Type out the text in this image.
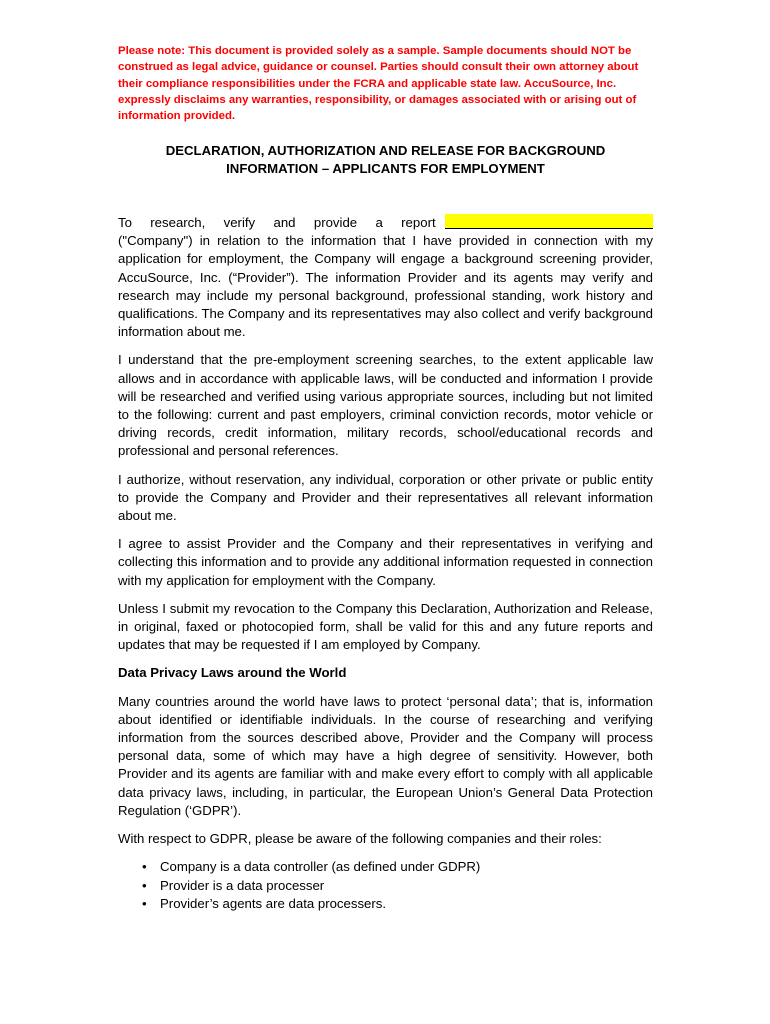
Please note: This document is provided solely as a sample. Sample documents should NOT be construed as legal advice, guidance or counsel. Parties should consult their own attorney about their compliance responsibilities under the FCRA and applicable state law. AccuSource, Inc. expressly disclaims any warranties, responsibility, or damages associated with or arising out of information provided.
DECLARATION, AUTHORIZATION AND RELEASE FOR BACKGROUND
INFORMATION – APPLICANTS FOR EMPLOYMENT

To research, verify and provide a report  ("Company") in relation to the information that I have provided in connection with my application for employment, the Company will engage a background screening provider, AccuSource, Inc. (“Provider”). The information Provider and its agents may verify and research may include my personal background, professional standing, work history and qualifications. The Company and its representatives may also collect and verify background information about me.

I understand that the pre-employment screening searches, to the extent applicable law allows and in accordance with applicable laws, will be conducted and information I provide will be researched and verified using various appropriate sources, including but not limited to the following: current and past employers, criminal conviction records, motor vehicle or driving records, credit information, military records, school/educational records and professional and personal references.

I authorize, without reservation, any individual, corporation or other private or public entity to provide the Company and Provider and their representatives all relevant information about me.

I agree to assist Provider and the Company and their representatives in verifying and collecting this information and to provide any additional information requested in connection with my application for employment with the Company.

Unless I submit my revocation to the Company this Declaration, Authorization and Release, in original, faxed or photocopied form, shall be valid for this and any future reports and updates that may be requested if I am employed by Company.

Data Privacy Laws around the World

Many countries around the world have laws to protect ‘personal data’; that is, information about identified or identifiable individuals. In the course of researching and verifying information from the sources described above, Provider and the Company will process personal data, some of which may have a high degree of sensitivity. However, both Provider and its agents are familiar with and make every effort to comply with all applicable data privacy laws, including, in particular, the European Union’s General Data Protection Regulation (‘GDPR’).

With respect to GDPR, please be aware of the following companies and their roles:

• Company is a data controller (as defined under GDPR)
• Provider is a data processer
• Provider’s agents are data processers.
